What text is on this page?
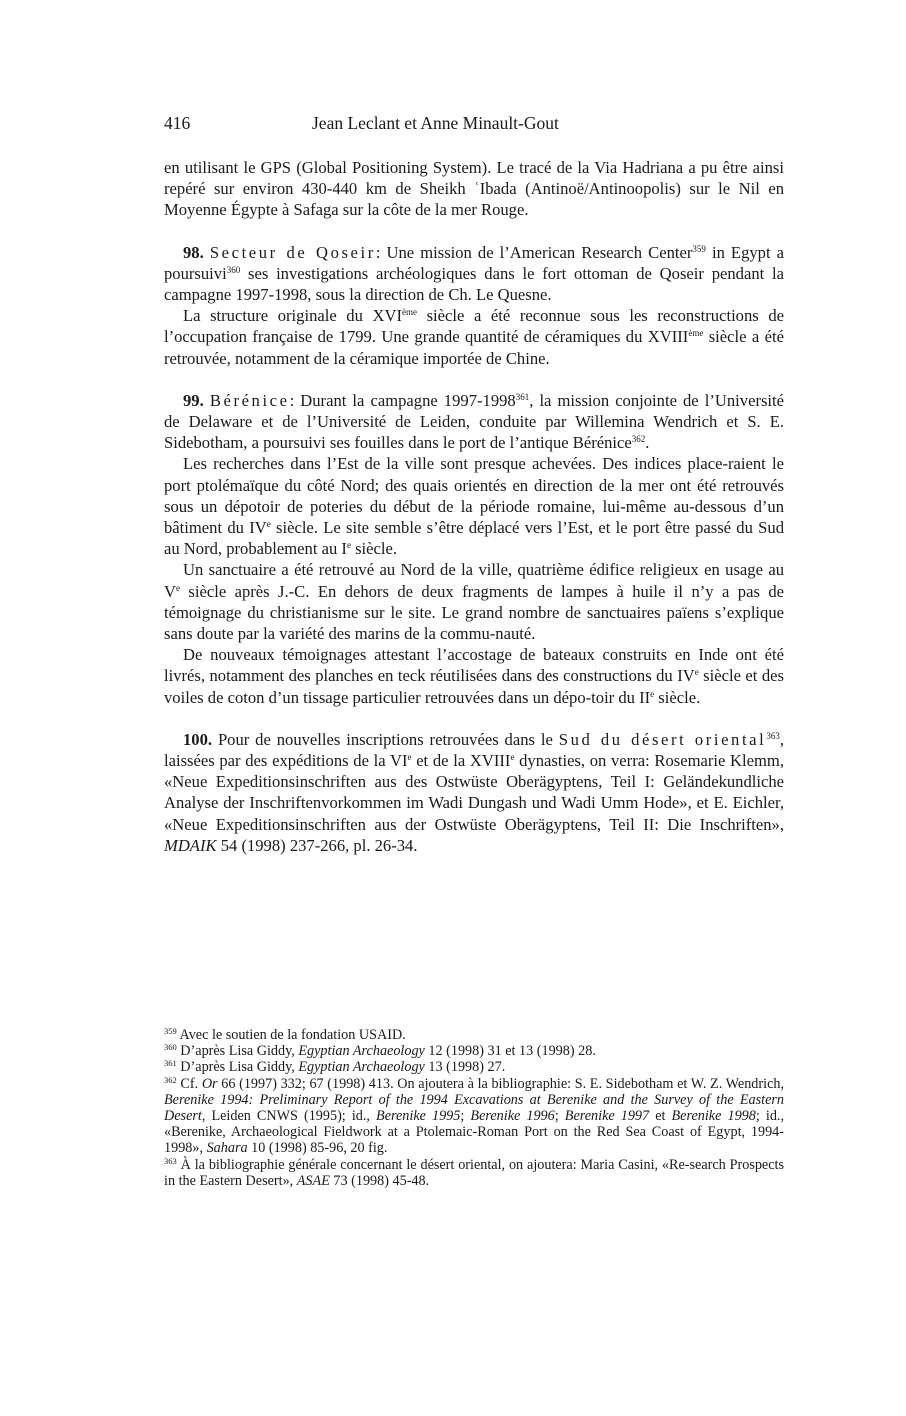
416	Jean Leclant et Anne Minault-Gout

en utilisant le GPS (Global Positioning System). Le tracé de la Via Hadriana a pu être ainsi repéré sur environ 430-440 km de Sheikh ʿIbada (Antinoë/Antinoopolis) sur le Nil en Moyenne Égypte à Safaga sur la côte de la mer Rouge.

98. Secteur de Qoseir: Une mission de l’American Research Center$^{359}$ in Egypt a poursuivi$^{360}$ ses investigations archéologiques dans le fort ottoman de Qoseir pendant la campagne 1997-1998, sous la direction de Ch. Le Quesne.

La structure originale du XVIème siècle a été reconnue sous les reconstructions de l’occupation française de 1799. Une grande quantité de céramiques du XVIIIème siècle a été retrouvée, notamment de la céramique importée de Chine.

99. Bérénice: Durant la campagne 1997-1998$^{361}$, la mission conjointe de l’Université de Delaware et de l’Université de Leiden, conduite par Willemina Wendrich et S. E. Sidebotham, a poursuivi ses fouilles dans le port de l’antique Bérénice$^{362}$.

Les recherches dans l’Est de la ville sont presque achevées. Des indices place-raient le port ptolémaïque du côté Nord; des quais orientés en direction de la mer ont été retrouvés sous un dépotoir de poteries du début de la période romaine, lui-même au-dessous d’un bâtiment du IVe siècle. Le site semble s’être déplacé vers l’Est, et le port être passé du Sud au Nord, probablement au Ie siècle.

Un sanctuaire a été retrouvé au Nord de la ville, quatrième édifice religieux en usage au Ve siècle après J.-C. En dehors de deux fragments de lampes à huile il n’y a pas de témoignage du christianisme sur le site. Le grand nombre de sanctuaires païens s’explique sans doute par la variété des marins de la commu-nauté.

De nouveaux témoignages attestant l’accostage de bateaux construits en Inde ont été livrés, notamment des planches en teck réutilisées dans des constructions du IVe siècle et des voiles de coton d’un tissage particulier retrouvées dans un dépo-toir du IIe siècle.

100. Pour de nouvelles inscriptions retrouvées dans le Sud du désert oriental$^{363}$, laissées par des expéditions de la VIe et de la XVIIIe dynasties, on verra: Rosemarie Klemm, «Neue Expeditionsinschriften aus des Ostwüste Oberägyptens, Teil I: Geländekundliche Analyse der Inschriftenvorkommen im Wadi Dungash und Wadi Umm Hode», et E. Eichler, «Neue Expeditionsinschriften aus der Ostwüste Oberägyptens, Teil II: Die Inschriften», MDAIK 54 (1998) 237-266, pl. 26-34.

$^{359}$ Avec le soutien de la fondation USAID.

$^{360}$ D’après Lisa Giddy, Egyptian Archaeology 12 (1998) 31 et 13 (1998) 28.

$^{361}$ D’après Lisa Giddy, Egyptian Archaeology 13 (1998) 27.

$^{362}$ Cf. Or 66 (1997) 332; 67 (1998) 413. On ajoutera à la bibliographie: S. E. Sidebotham et W. Z. Wendrich, Berenike 1994: Preliminary Report of the 1994 Excavations at Berenike and the Survey of the Eastern Desert, Leiden CNWS (1995); id., Berenike 1995; Berenike 1996; Berenike 1997 et Berenike 1998; id., «Berenike, Archaeological Fieldwork at a Ptolemaic-Roman Port on the Red Sea Coast of Egypt, 1994-1998», Sahara 10 (1998) 85-96, 20 fig.

$^{363}$ À la bibliographie générale concernant le désert oriental, on ajoutera: Maria Casini, «Re-search Prospects in the Eastern Desert», ASAE 73 (1998) 45-48.
